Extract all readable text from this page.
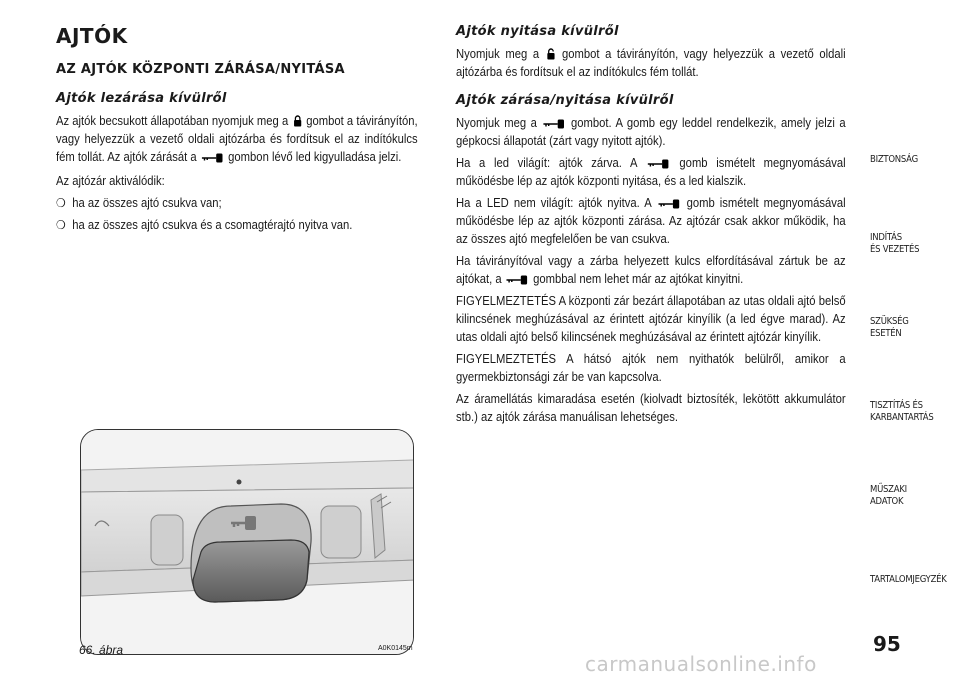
AJTÓK
AZ AJTÓK KÖZPONTI ZÁRÁSA/NYITÁSA
Ajtók lezárása kívülről
Az ajtók becsukott állapotában nyomjuk meg a gombot a távirányítón, vagy helyezzük a vezető oldali ajtózárba és fordítsuk el az indítókulcs fém tollát. Az ajtók zárását a	gombon lévő led kigyulladása jelzi.
Az ajtózár aktiválódik:
❍ ha az összes ajtó csukva van;
❍ ha az összes ajtó csukva és a csomagtérajtó nyitva van.
66. ábra	A0K0145m
Ajtók nyitása kívülről
Nyomjuk meg a gombot a távirányítón, vagy helyezzük a vezető oldali ajtózárba és fordítsuk el az indítókulcs fém tollát.
Ajtók zárása/nyitása kívülről
Nyomjuk meg a	gombot. A gomb egy leddel rendelkezik, amely jelzi a gépkocsi állapotát (zárt vagy nyitott ajtók).
Ha a led világít: ajtók zárva. A	gomb ismételt megnyomásával működésbe lép az ajtók központi nyitása, és a led kialszik.
Ha a LED nem világít: ajtók nyitva. A	gomb ismételt megnyomásával működésbe lép az ajtók központi zárása. Az ajtózár csak akkor működik, ha az összes ajtó megfelelően be van csukva.
Ha távirányítóval vagy a zárba helyezett kulcs elfordításával zártuk be az ajtókat, a	gombbal nem lehet már az ajtókat kinyitni.
FIGYELMEZTETÉS A központi zár bezárt állapotában az utas oldali ajtó belső kilincsének meghúzásával az érintett ajtózár kinyílik (a led égve marad). Az utas oldali ajtó belső kilincsének meghúzásával az érintett ajtózár kinyílik.
FIGYELMEZTETÉS A hátsó ajtók nem nyithatók belülről, amikor a gyermekbiztonsági zár be van kapcsolva.
Az áramellátás kimaradása esetén (kiolvadt biztosíték, lekötött akkumulátor stb.) az ajtók zárása manuálisan lehetséges.
ISMERKEDÉS
A GÉPKOCSIVAL
BIZTONSÁG
INDÍTÁS
ÉS VEZETÉS
SZÜKSÉG
ESETÉN
TISZTÍTÁS ÉS
KARBANTARTÁS
MŰSZAKI
ADATOK
TARTALOMJEGYZÉK
95
carmanualsonline.info
